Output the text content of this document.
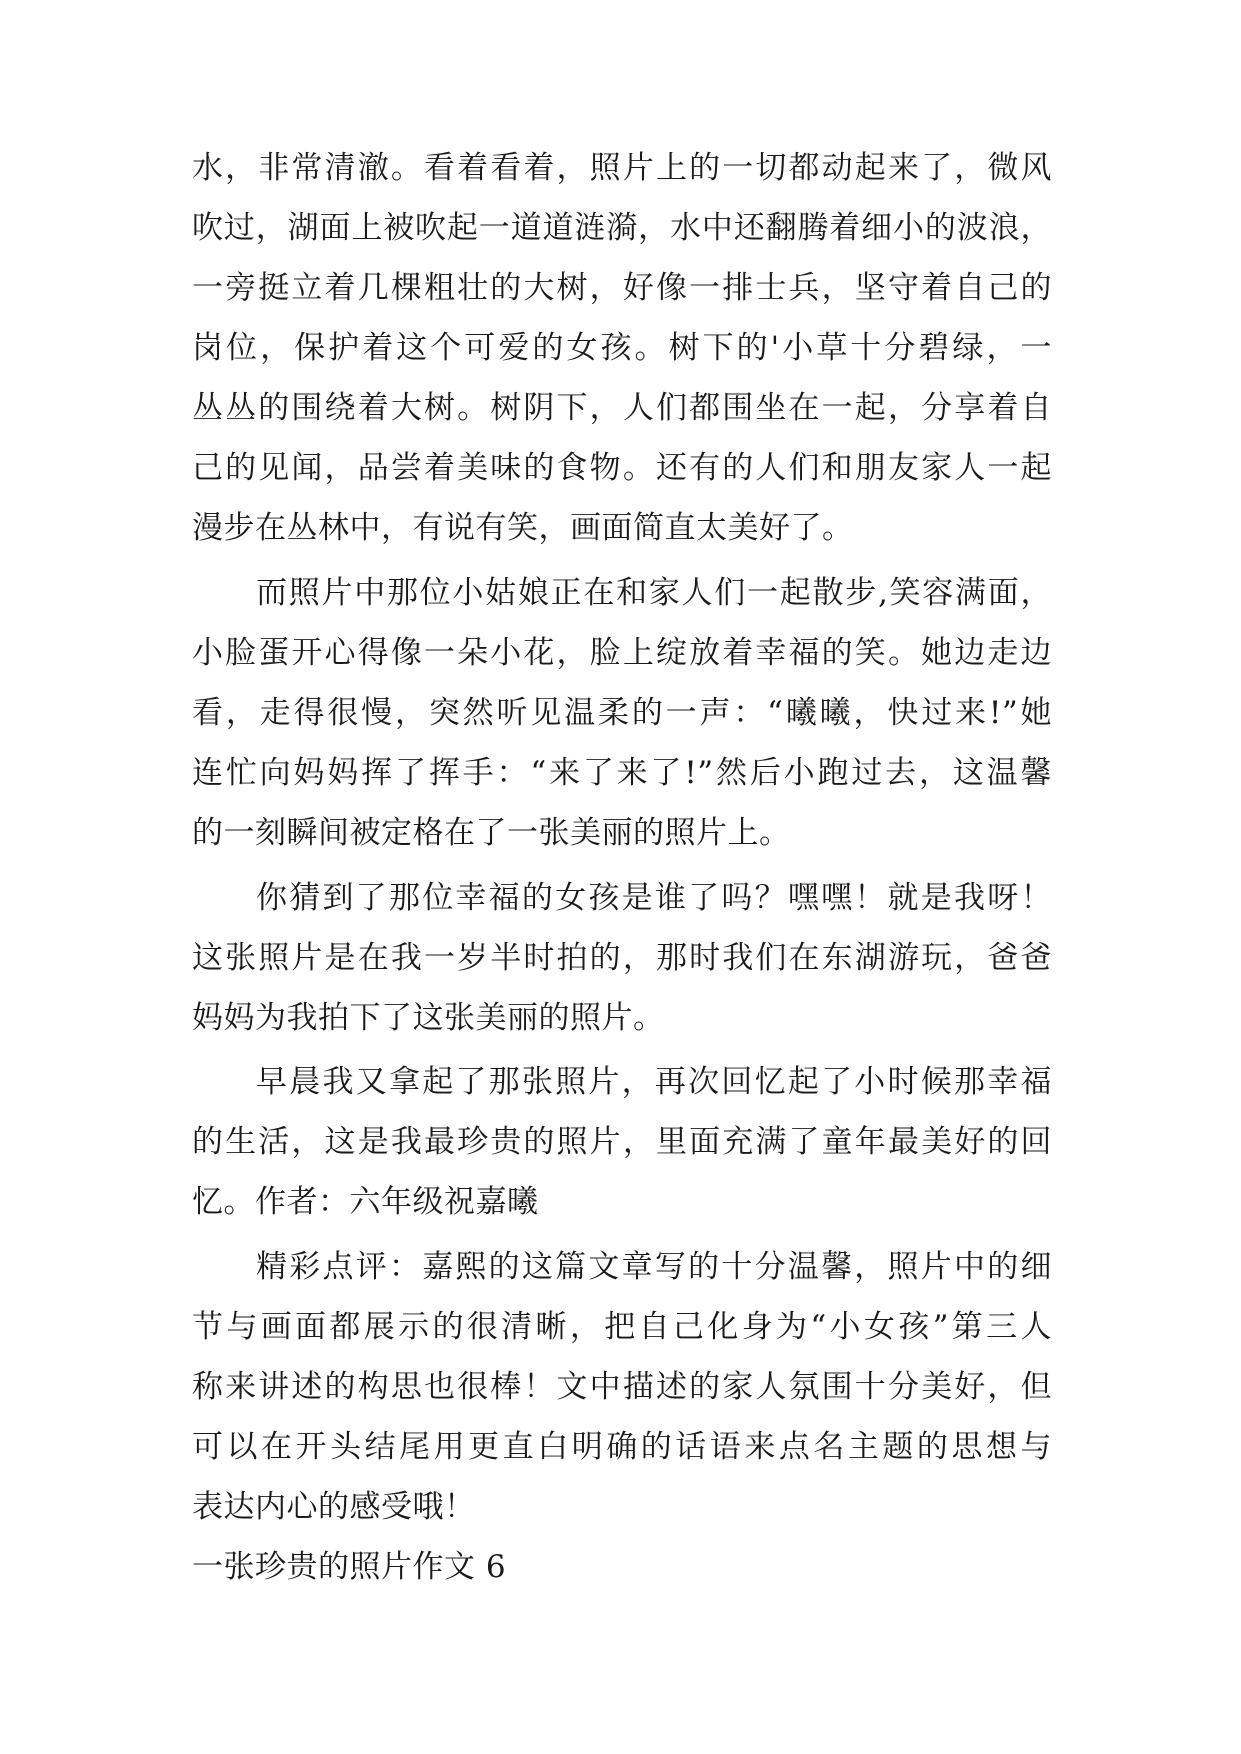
水，非常清澈。看着看着，照片上的一切都动起来了，微风
吹过，湖面上被吹起一道道涟漪，水中还翻腾着细小的波浪，
一旁挺立着几棵粗壮的大树，好像一排士兵，坚守着自己的
岗位，保护着这个可爱的女孩。树下的'小草十分碧绿，一
丛丛的围绕着大树。树阴下，人们都围坐在一起，分享着自
己的见闻，品尝着美味的食物。还有的人们和朋友家人一起
漫步在丛林中，有说有笑，画面简直太美好了。
而照片中那位小姑娘正在和家人们一起散步,笑容满面，
小脸蛋开心得像一朵小花，脸上绽放着幸福的笑。她边走边
看，走得很慢，突然听见温柔的一声：“曦曦，快过来!”她
连忙向妈妈挥了挥手：“来了来了!”然后小跑过去，这温馨
的一刻瞬间被定格在了一张美丽的照片上。
你猜到了那位幸福的女孩是谁了吗？嘿嘿！就是我呀！
这张照片是在我一岁半时拍的，那时我们在东湖游玩，爸爸
妈妈为我拍下了这张美丽的照片。
早晨我又拿起了那张照片，再次回忆起了小时候那幸福
的生活，这是我最珍贵的照片，里面充满了童年最美好的回
忆。作者：六年级祝嘉曦
精彩点评：嘉熙的这篇文章写的十分温馨，照片中的细
节与画面都展示的很清晰，把自己化身为“小女孩”第三人
称来讲述的构思也很棒！文中描述的家人氛围十分美好，但
可以在开头结尾用更直白明确的话语来点名主题的思想与
表达内心的感受哦！
一张珍贵的照片作文 6
